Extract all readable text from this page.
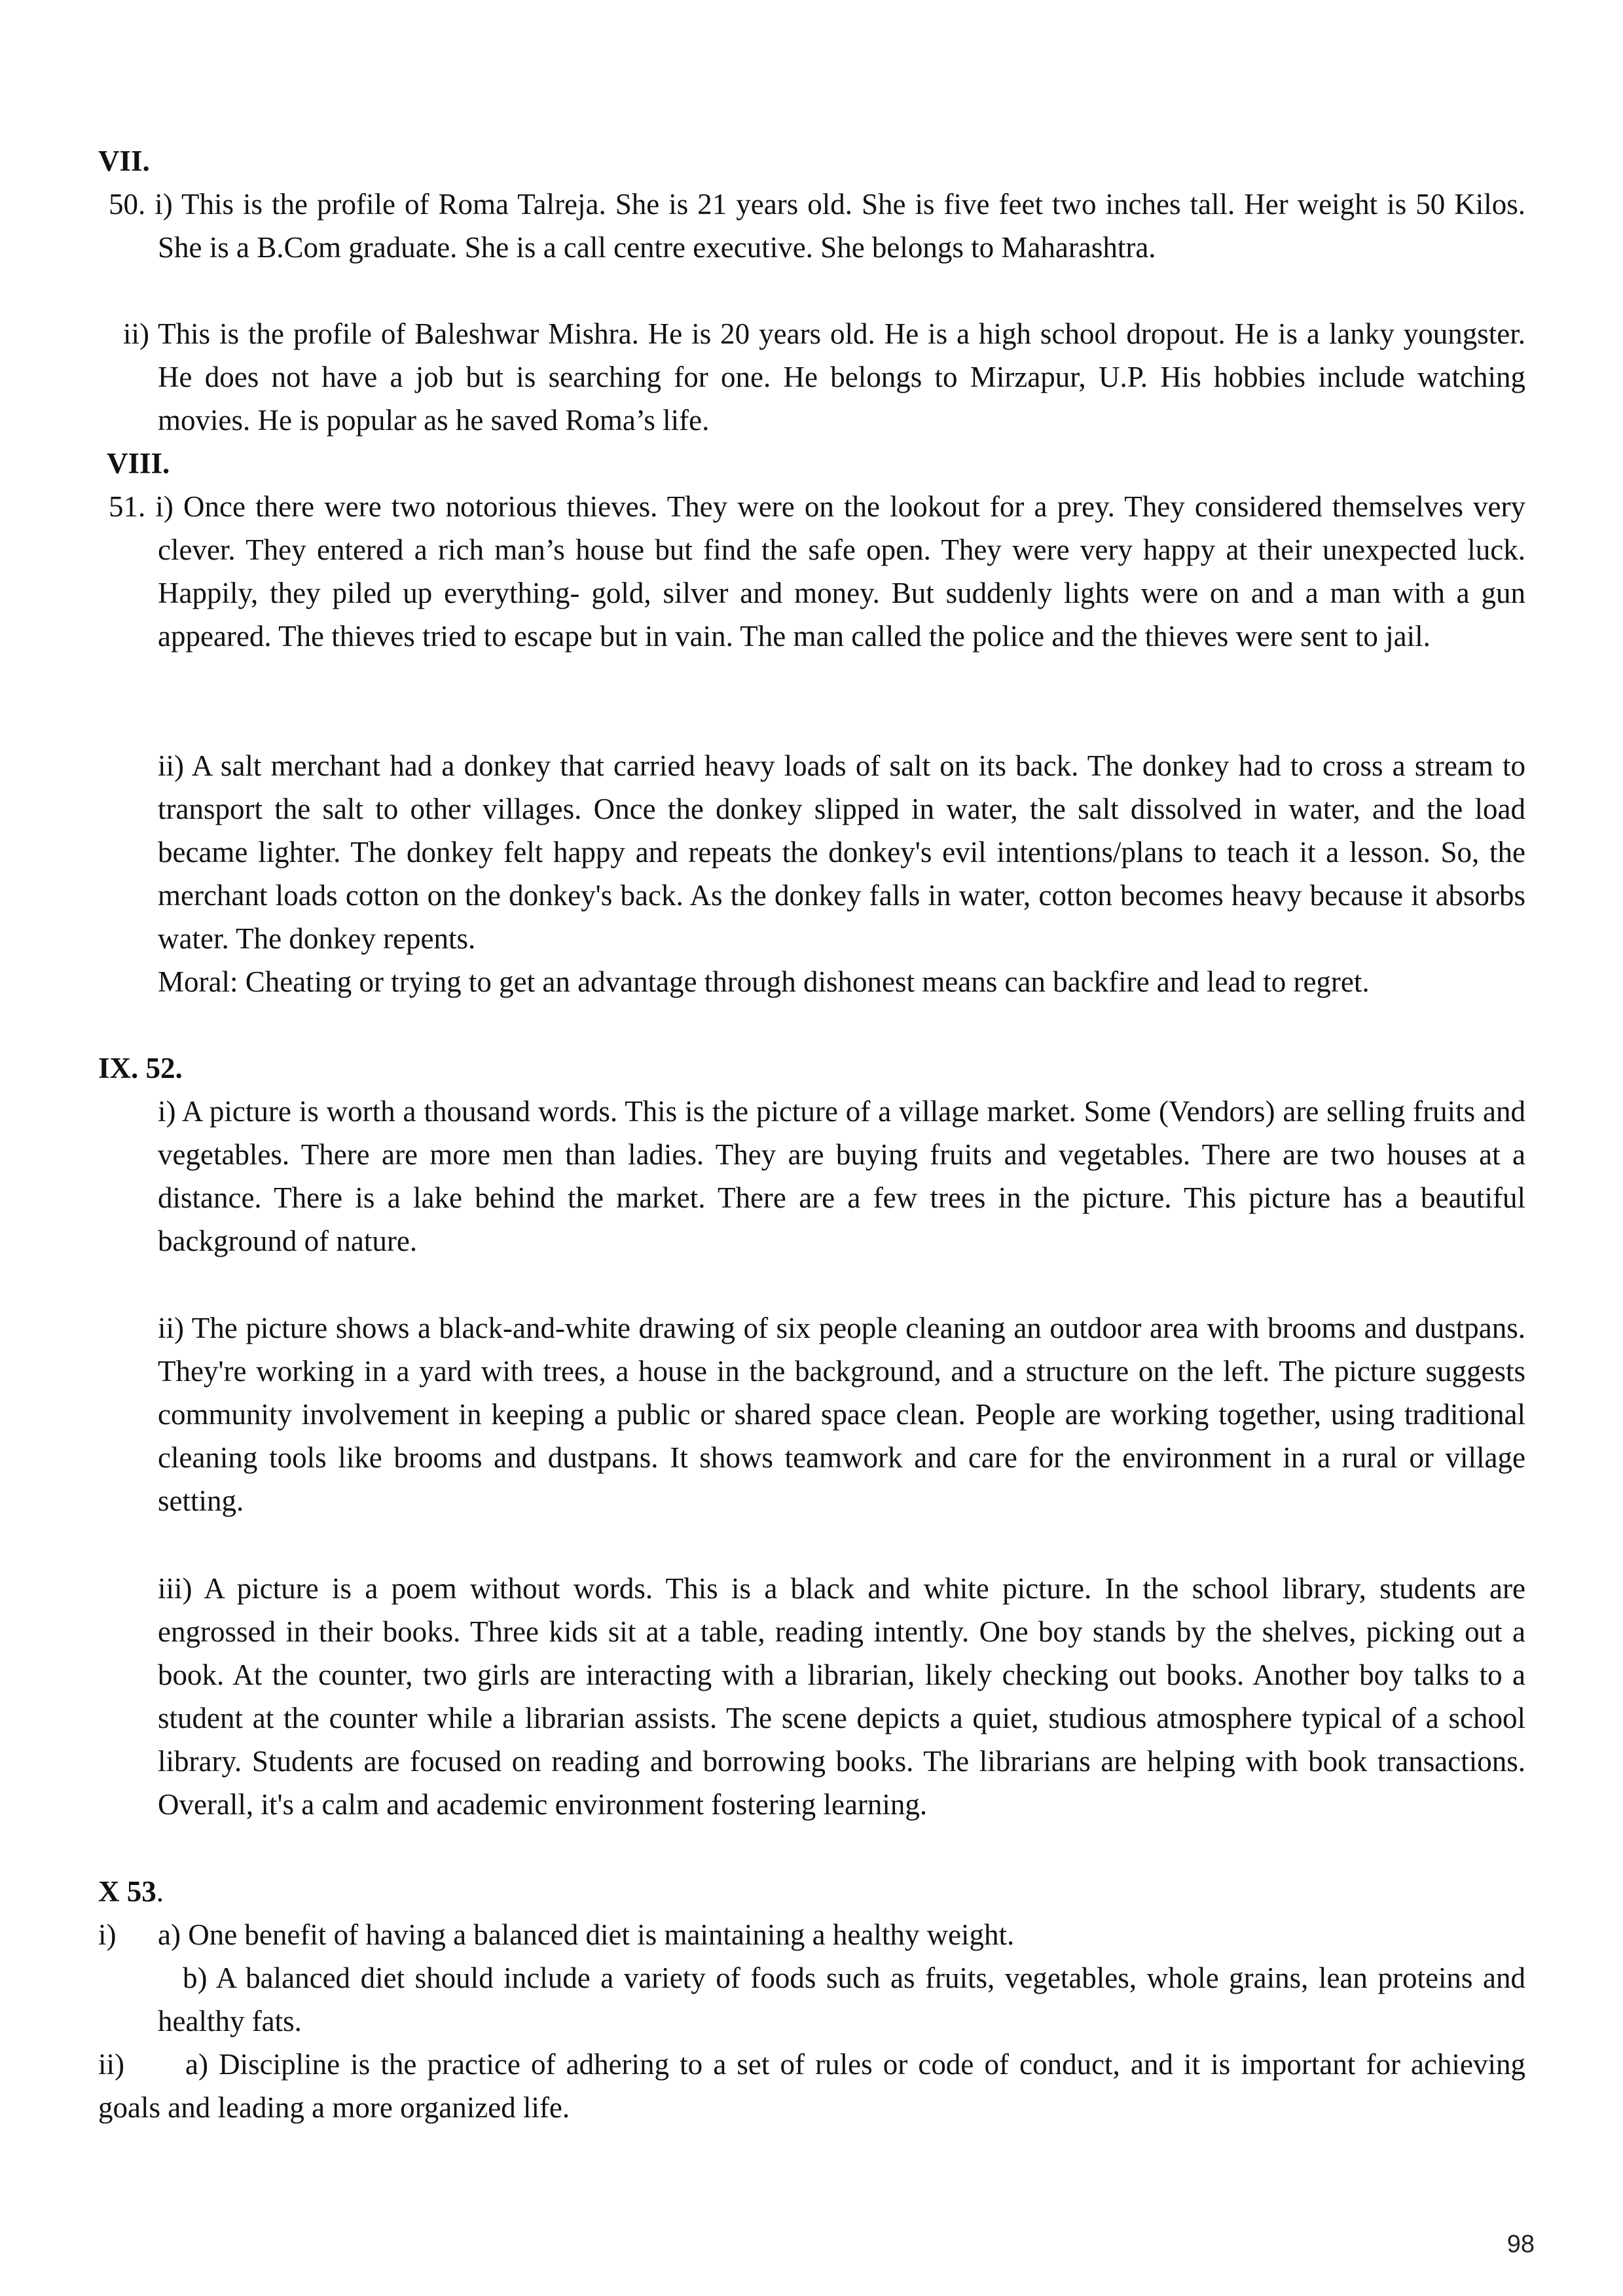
VII.
50. i) This is the profile of Roma Talreja. She is 21 years old. She is five feet two inches tall. Her weight is 50 Kilos. She is a B.Com graduate. She is a call centre executive. She belongs to Maharashtra.
ii) This is the profile of Baleshwar Mishra. He is 20 years old. He is a high school dropout. He is a lanky youngster. He does not have a job but is searching for one. He belongs to Mirzapur, U.P. His hobbies include watching movies. He is popular as he saved Roma’s life.
VIII.
51. i) Once there were two notorious thieves. They were on the lookout for a prey. They considered themselves very clever. They entered a rich man’s house but find the safe open. They were very happy at their unexpected luck. Happily, they piled up everything- gold, silver and money. But suddenly lights were on and a man with a gun appeared. The thieves tried to escape but in vain. The man called the police and the thieves were sent to jail.
ii) A salt merchant had a donkey that carried heavy loads of salt on its back. The donkey had to cross a stream to transport the salt to other villages. Once the donkey slipped in water, the salt dissolved in water, and the load became lighter. The donkey felt happy and repeats the donkey's evil intentions/plans to teach it a lesson. So, the merchant loads cotton on the donkey's back. As the donkey falls in water, cotton becomes heavy because it absorbs water. The donkey repents.
Moral: Cheating or trying to get an advantage through dishonest means can backfire and lead to regret.
IX. 52.
i) A picture is worth a thousand words. This is the picture of a village market. Some (Vendors) are selling fruits and vegetables. There are more men than ladies. They are buying fruits and vegetables. There are two houses at a distance. There is a lake behind the market. There are a few trees in the picture. This picture has a beautiful background of nature.
ii) The picture shows a black-and-white drawing of six people cleaning an outdoor area with brooms and dustpans. They're working in a yard with trees, a house in the background, and a structure on the left. The picture suggests community involvement in keeping a public or shared space clean. People are working together, using traditional cleaning tools like brooms and dustpans. It shows teamwork and care for the environment in a rural or village setting.
iii) A picture is a poem without words. This is a black and white picture. In the school library, students are engrossed in their books. Three kids sit at a table, reading intently. One boy stands by the shelves, picking out a book. At the counter, two girls are interacting with a librarian, likely checking out books. Another boy talks to a student at the counter while a librarian assists. The scene depicts a quiet, studious atmosphere typical of a school library. Students are focused on reading and borrowing books. The librarians are helping with book transactions. Overall, it's a calm and academic environment fostering learning.
X 53.
i) a) One benefit of having a balanced diet is maintaining a healthy weight.
b) A balanced diet should include a variety of foods such as fruits, vegetables, whole grains, lean proteins and healthy fats.
ii)	a) Discipline is the practice of adhering to a set of rules or code of conduct, and it is important for achieving goals and leading a more organized life.
98
